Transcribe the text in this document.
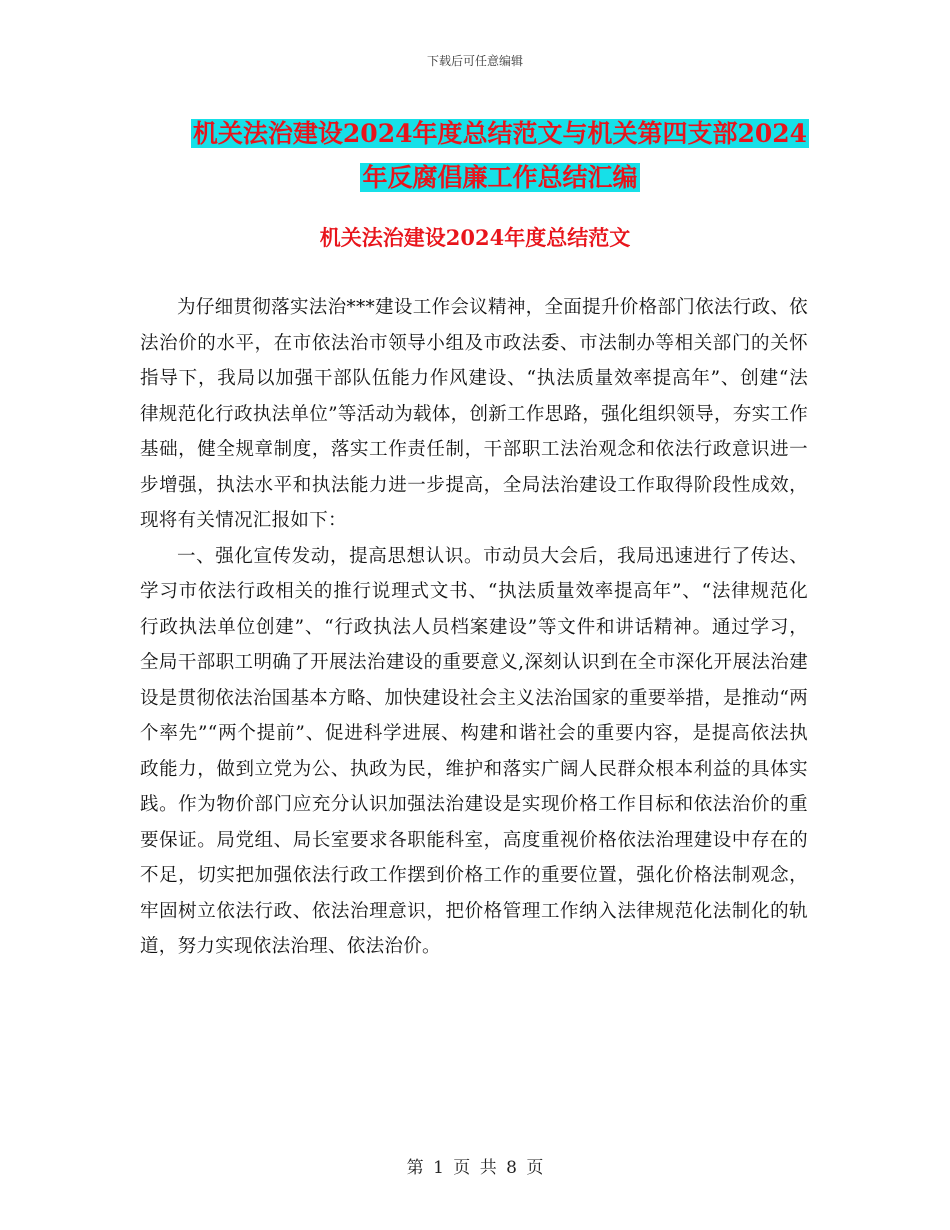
下载后可任意编辑
机关法治建设2024年度总结范文与机关第四支部2024
年反腐倡廉工作总结汇编
机关法治建设2024年度总结范文

为仔细贯彻落实法治***建设工作会议精神，全面提升价格部门依法行政、依法治价的水平，在市依法治市领导小组及市政法委、市法制办等相关部门的关怀指导下，我局以加强干部队伍能力作风建设、“执法质量效率提高年”、创建“法律规范化行政执法单位”等活动为载体，创新工作思路，强化组织领导，夯实工作基础，健全规章制度，落实工作责任制，干部职工法治观念和依法行政意识进一步增强，执法水平和执法能力进一步提高，全局法治建设工作取得阶段性成效，现将有关情况汇报如下：

一、强化宣传发动，提高思想认识。市动员大会后，我局迅速进行了传达、学习市依法行政相关的推行说理式文书、“执法质量效率提高年”、“法律规范化行政执法单位创建”、“行政执法人员档案建设”等文件和讲话精神。通过学习，全局干部职工明确了开展法治建设的重要意义,深刻认识到在全市深化开展法治建设是贯彻依法治国基本方略、加快建设社会主义法治国家的重要举措，是推动“两个率先”“两个提前”、促进科学进展、构建和谐社会的重要内容，是提高依法执政能力，做到立党为公、执政为民，维护和落实广阔人民群众根本利益的具体实践。作为物价部门应充分认识加强法治建设是实现价格工作目标和依法治价的重要保证。局党组、局长室要求各职能科室，高度重视价格依法治理建设中存在的不足，切实把加强依法行政工作摆到价格工作的重要位置，强化价格法制观念，牢固树立依法行政、依法治理意识，把价格管理工作纳入法律规范化法制化的轨道，努力实现依法治理、依法治价。

第 1 页 共 8 页
